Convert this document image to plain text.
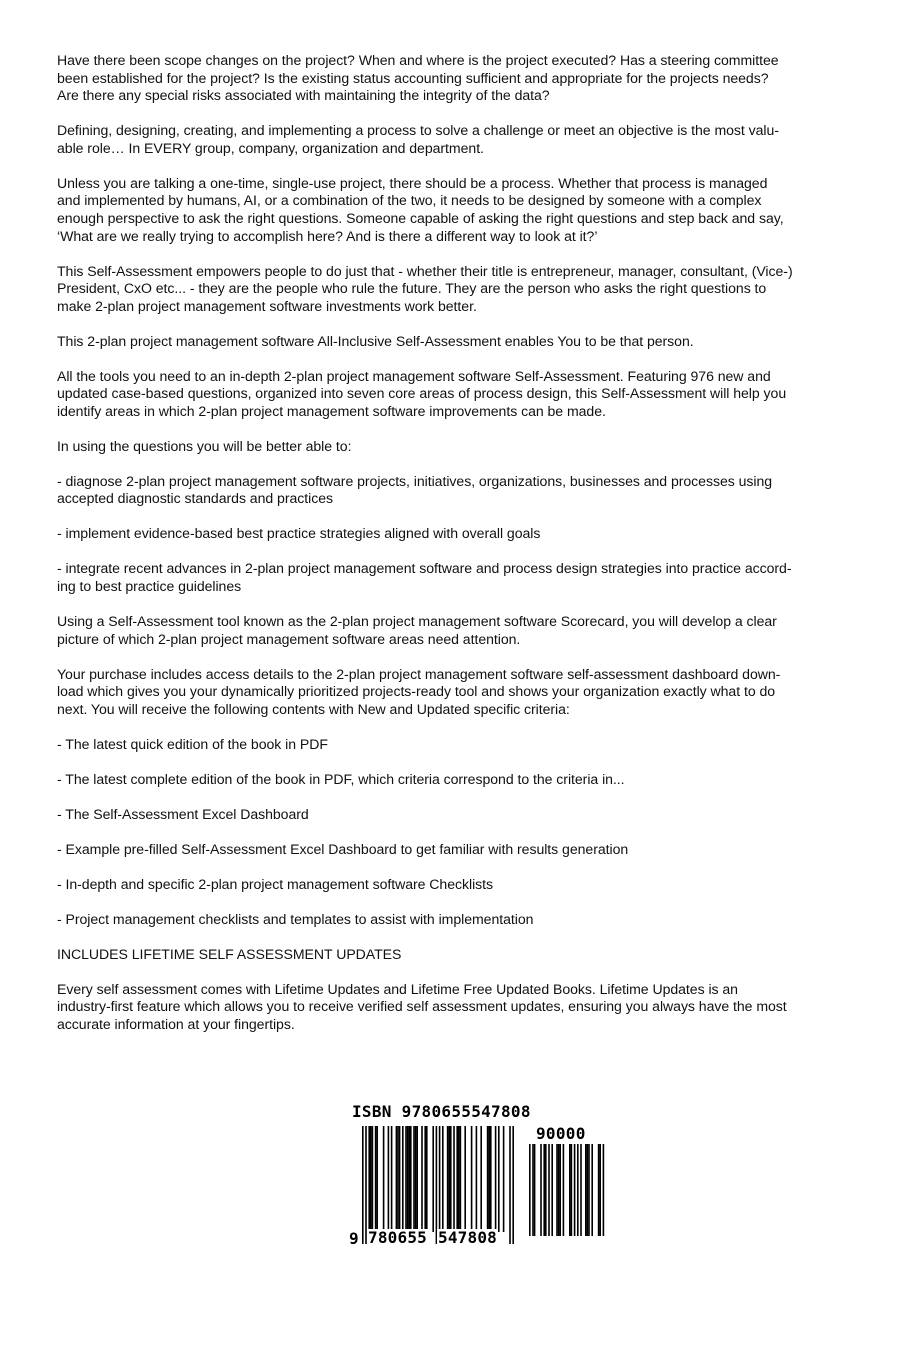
Have there been scope changes on the project? When and where is the project executed? Has a steering committee
been established for the project? Is the existing status accounting sufficient and appropriate for the projects needs?
Are there any special risks associated with maintaining the integrity of the data?

Defining, designing, creating, and implementing a process to solve a challenge or meet an objective is the most valu-
able role… In EVERY group, company, organization and department.

Unless you are talking a one-time, single-use project, there should be a process. Whether that process is managed
and implemented by humans, AI, or a combination of the two, it needs to be designed by someone with a complex
enough perspective to ask the right questions. Someone capable of asking the right questions and step back and say,
‘What are we really trying to accomplish here? And is there a different way to look at it?’

This Self-Assessment empowers people to do just that - whether their title is entrepreneur, manager, consultant, (Vice-)
President, CxO etc... - they are the people who rule the future. They are the person who asks the right questions to
make 2-plan project management software investments work better.

This 2-plan project management software All-Inclusive Self-Assessment enables You to be that person.

All the tools you need to an in-depth 2-plan project management software Self-Assessment. Featuring 976 new and
updated case-based questions, organized into seven core areas of process design, this Self-Assessment will help you
identify areas in which 2-plan project management software improvements can be made.

In using the questions you will be better able to:

- diagnose 2-plan project management software projects, initiatives, organizations, businesses and processes using
accepted diagnostic standards and practices

- implement evidence-based best practice strategies aligned with overall goals

- integrate recent advances in 2-plan project management software and process design strategies into practice accord-
ing to best practice guidelines

Using a Self-Assessment tool known as the 2-plan project management software Scorecard, you will develop a clear
picture of which 2-plan project management software areas need attention.

Your purchase includes access details to the 2-plan project management software self-assessment dashboard down-
load which gives you your dynamically prioritized projects-ready tool and shows your organization exactly what to do
next. You will receive the following contents with New and Updated specific criteria:

- The latest quick edition of the book in PDF

- The latest complete edition of the book in PDF, which criteria correspond to the criteria in...

- The Self-Assessment Excel Dashboard

- Example pre-filled Self-Assessment Excel Dashboard to get familiar with results generation

- In-depth and specific 2-plan project management software Checklists

- Project management checklists and templates to assist with implementation

INCLUDES LIFETIME SELF ASSESSMENT UPDATES

Every self assessment comes with Lifetime Updates and Lifetime Free Updated Books. Lifetime Updates is an
industry-first feature which allows you to receive verified self assessment updates, ensuring you always have the most
accurate information at your fingertips.

ISBN 9780655547808
90000
9 780655 547808
